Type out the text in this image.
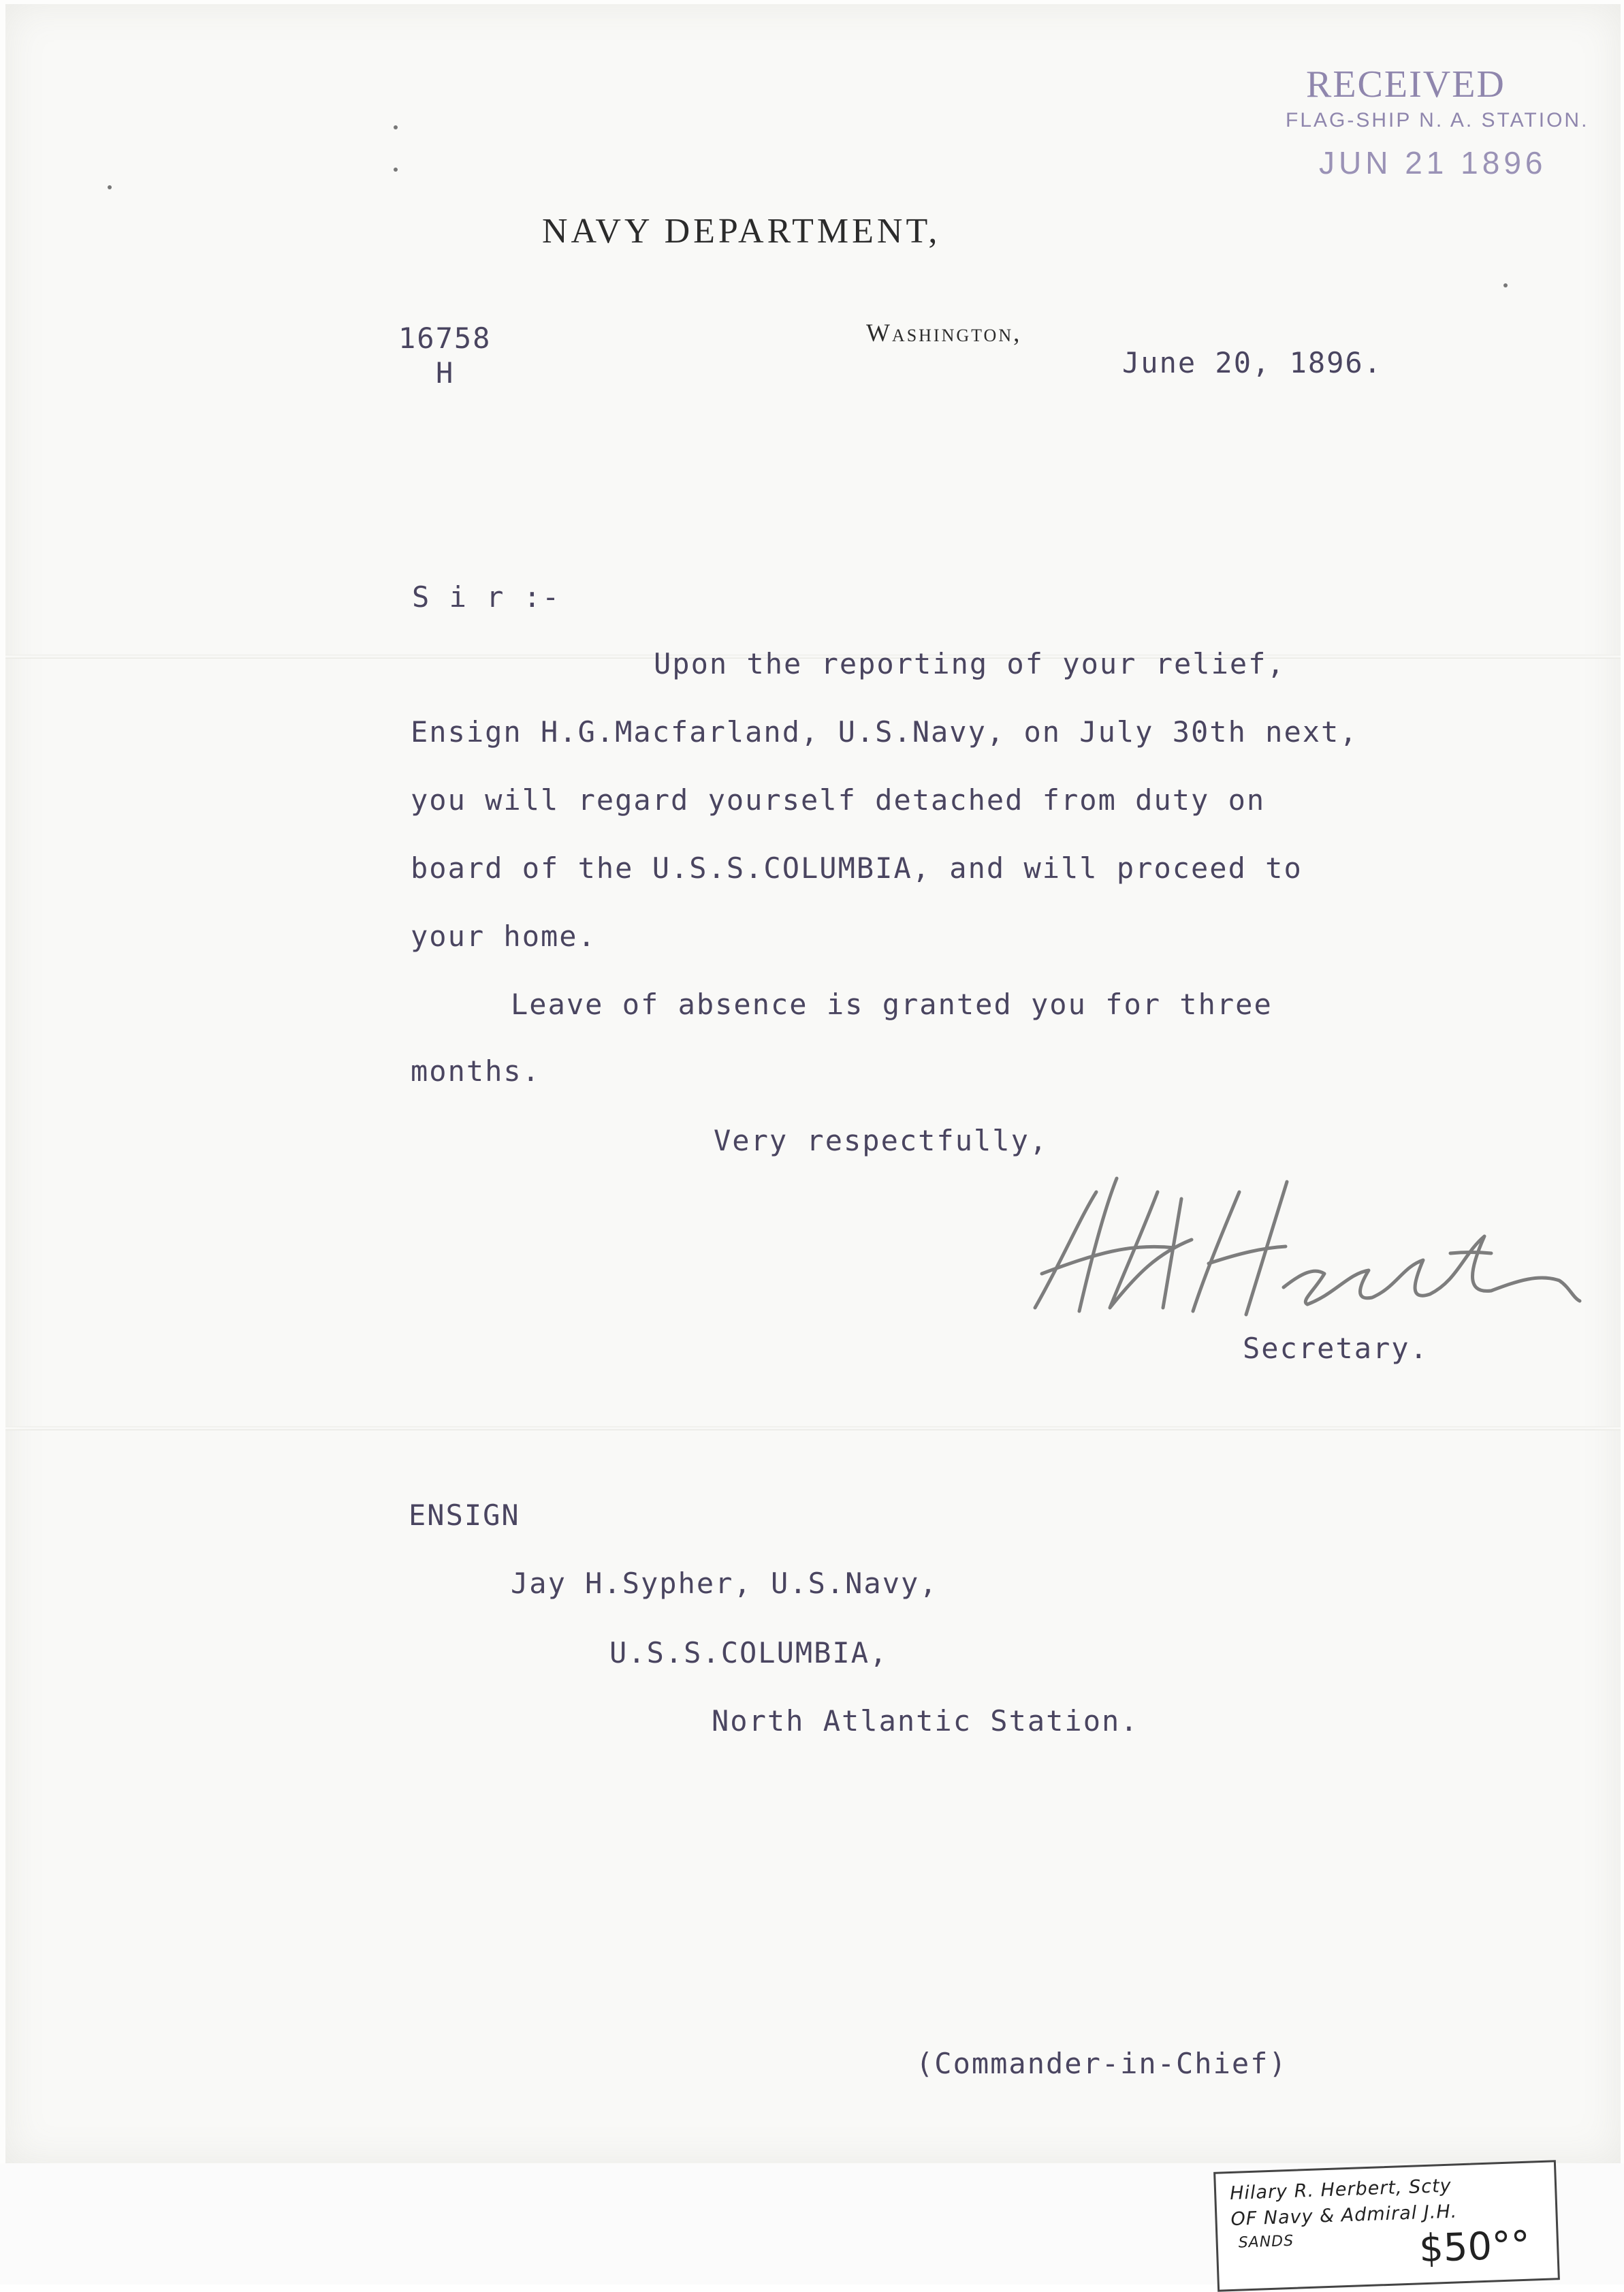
RECEIVED
FLAG-SHIP N. A. STATION.
JUN 21 1896
NAVY DEPARTMENT,
Washington,
16758
H	June 20, 1896.
S i r :-
Upon the reporting of your relief,
Ensign H.G.Macfarland, U.S.Navy, on July 30th next,
you will regard yourself detached from duty on
board of the U.S.S.COLUMBIA, and will proceed to
your home.
Leave of absence is granted you for three
months.
Very respectfully,
Secretary.
ENSIGN
Jay H.Sypher, U.S.Navy,
U.S.S.COLUMBIA,
North Atlantic Station.
(Commander-in-Chief)
Hilary R. Herbert, Scty
OF Navy & Admiral J.H.
SANDS	$50°°
